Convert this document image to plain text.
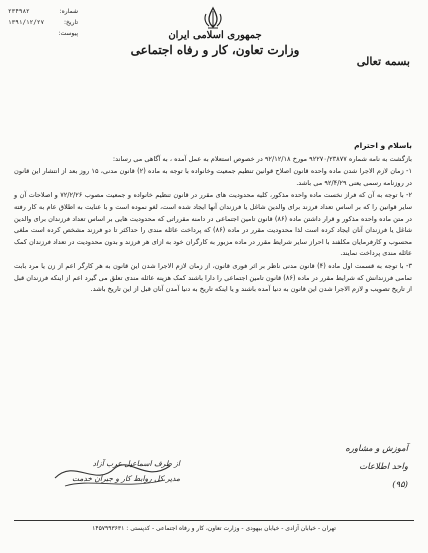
شماره:
۲۳۴۹۸۲
تاریخ:
۱۳۹۱/۱۲/۲۷
پیوست:	جمهوری اسلامی ایران
وزارت تعاون، کار و رفاه اجتماعی
بسمه تعالی

باسلام و احترام

بازگشت به نامه شماره ۹۲۲۷۰/۲۳۸۷۷ مورخ ۹۲/۱۲/۱۸ در خصوص استعلام به عمل آمده ، به آگاهی می رساند:

۱- زمان لازم الاجرا شدن ماده واحده قانون اصلاح قوانین تنظیم جمعیت وخانواده با توجه به ماده (۲) قانون مدنی، ۱۵ روز بعد از انتشار این قانون در روزنامه رسمی یعنی ۹۲/۴/۲۹ می باشد.

۲- با توجه به آن که فراز نخست ماده واحده مذکور، کلیه محدودیت های مقرر در قانون تنظیم خانواده و جمعیت مصوب ۷۲/۲/۲۶ و اصلاحات آن و سایر قوانین را که بر اساس تعداد فرزند برای والدین شاغل یا فرزندان آنها ایجاد شده است، لغو نموده است و با عنایت به اطلاق عام به کار رفته در متن ماده واحده مذکور و قرار داشتن ماده (۸۶) قانون تامین اجتماعی در دامنه مقرراتی که محدودیت هایی بر اساس تعداد فرزندان برای والدین شاغل یا فرزندان آنان ایجاد کرده است لذا محدودیت مقرر در ماده (۸۶) که پرداخت عائله مندی را حداکثر تا دو فرزند مشخص کرده است ملغی محسوب و کارفرمایان مکلفند با احراز سایر شرایط مقرر در ماده مزبور به کارگران خود به ازای هر فرزند و بدون محدودیت در تعداد فرزندان کمک عائله مندی پرداخت نمایند.

۳- با توجه به قسمت اول ماده (۴) قانون مدنی ناظر بر اثر فوری قانون، از زمان لازم الاجرا شدن این قانون به هر کارگر اعم از زن یا مرد بابت تمامی فرزندانش که شرایط مقرر در ماده (۸۶) قانون تامین اجتماعی را دارا باشند کمک هزینه عائله مندی تعلق می گیرد اعم از اینکه فرزندان قبل از تاریخ تصویب و لازم الاجرا شدن این قانون به دنیا آمده باشند و یا اینکه تاریخ به دنیا آمدن آنان قبل از این تاریخ باشد.

از طرف اسماعیل عرب آزاد
مدیر کل روابط کار و جبران خدمت
آموزش و مشاوره
واحد اطلاعات
(۹۵)
تهران - خیابان آزادی - خیابان بیهودی - وزارت تعاون، کار و رفاه اجتماعی - کدپستی : ۱۴۵۷۹۹۳۶۳۱
